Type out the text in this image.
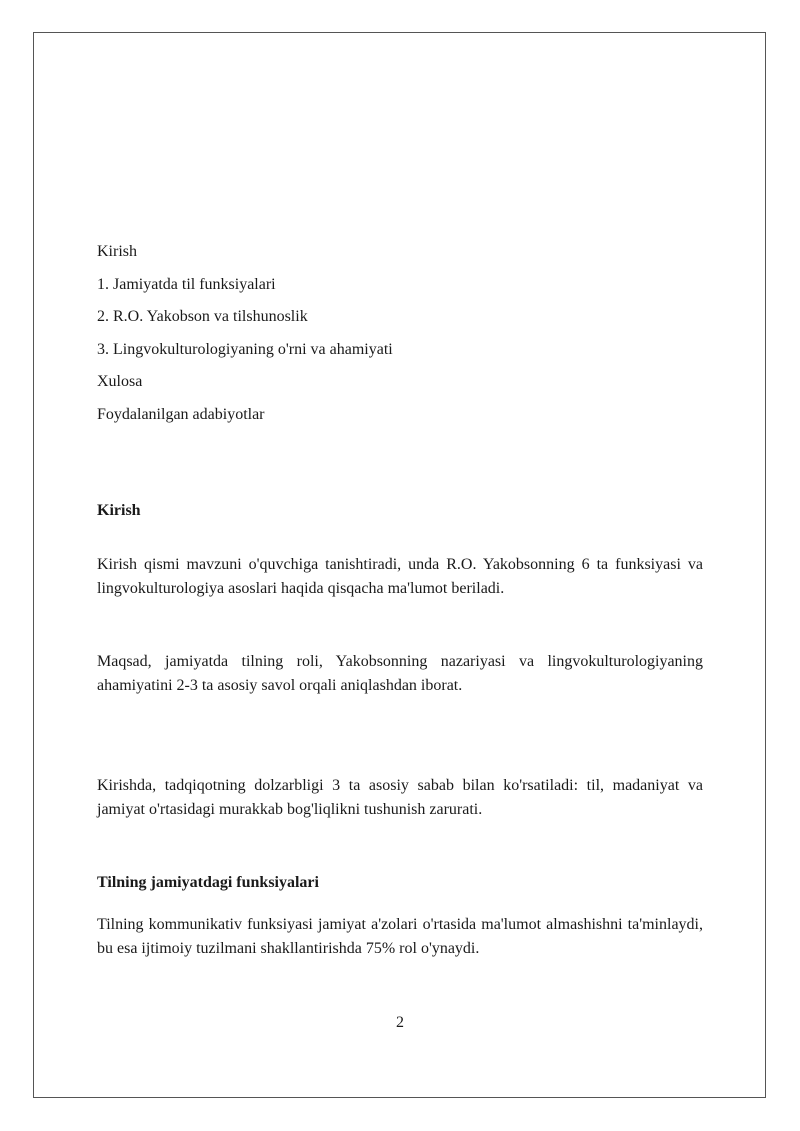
Kirish
1. Jamiyatda til funksiyalari
2. R.O. Yakobson va tilshunoslik
3. Lingvokulturologiyaning o'rni va ahamiyati
Xulosa
Foydalanilgan adabiyotlar
Kirish

Kirish qismi mavzuni o'quvchiga tanishtiradi, unda R.O. Yakobsonning 6 ta funksiyasi va lingvokulturologiya asoslari haqida qisqacha ma'lumot beriladi.

Maqsad, jamiyatda tilning roli, Yakobsonning nazariyasi va lingvokulturologiyaning ahamiyatini 2-3 ta asosiy savol orqali aniqlashdan iborat.

Kirishda, tadqiqotning dolzarbligi 3 ta asosiy sabab bilan ko'rsatiladi: til, madaniyat va jamiyat o'rtasidagi murakkab bog'liqlikni tushunish zarurati.

Tilning jamiyatdagi funksiyalari

Tilning kommunikativ funksiyasi jamiyat a'zolari o'rtasida ma'lumot almashishni ta'minlaydi, bu esa ijtimoiy tuzilmani shakllantirishda 75% rol o'ynaydi.

2
